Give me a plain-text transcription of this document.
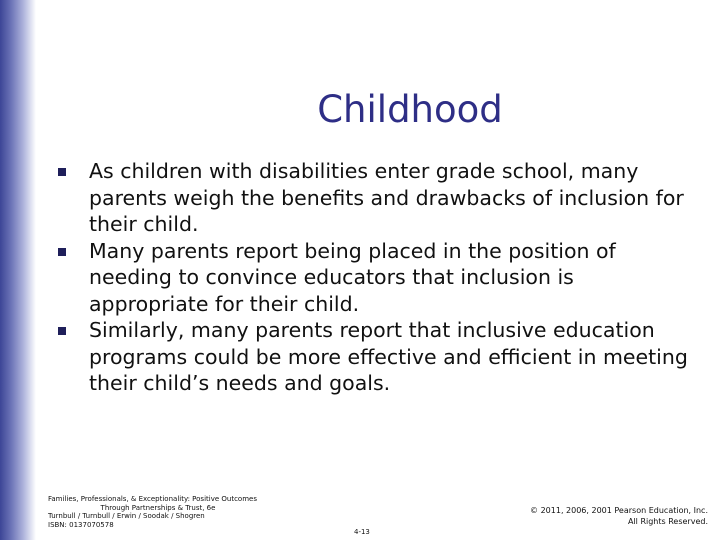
Childhood
As children with disabilities enter grade school, many parents weigh the benefits and drawbacks of inclusion for their child.
Many parents report being placed in the position of needing to convince educators that inclusion is appropriate for their child.
Similarly, many parents report that inclusive education programs could be more effective and efficient in meeting their child’s needs and goals.
Families, Professionals, & Exceptionality: Positive Outcomes
Through Partnerships & Trust, 6e
Turnbull / Turnbull / Erwin / Soodak / Shogren
ISBN: 0137070578
4-13
© 2011, 2006, 2001 Pearson Education, Inc.
All Rights Reserved.
